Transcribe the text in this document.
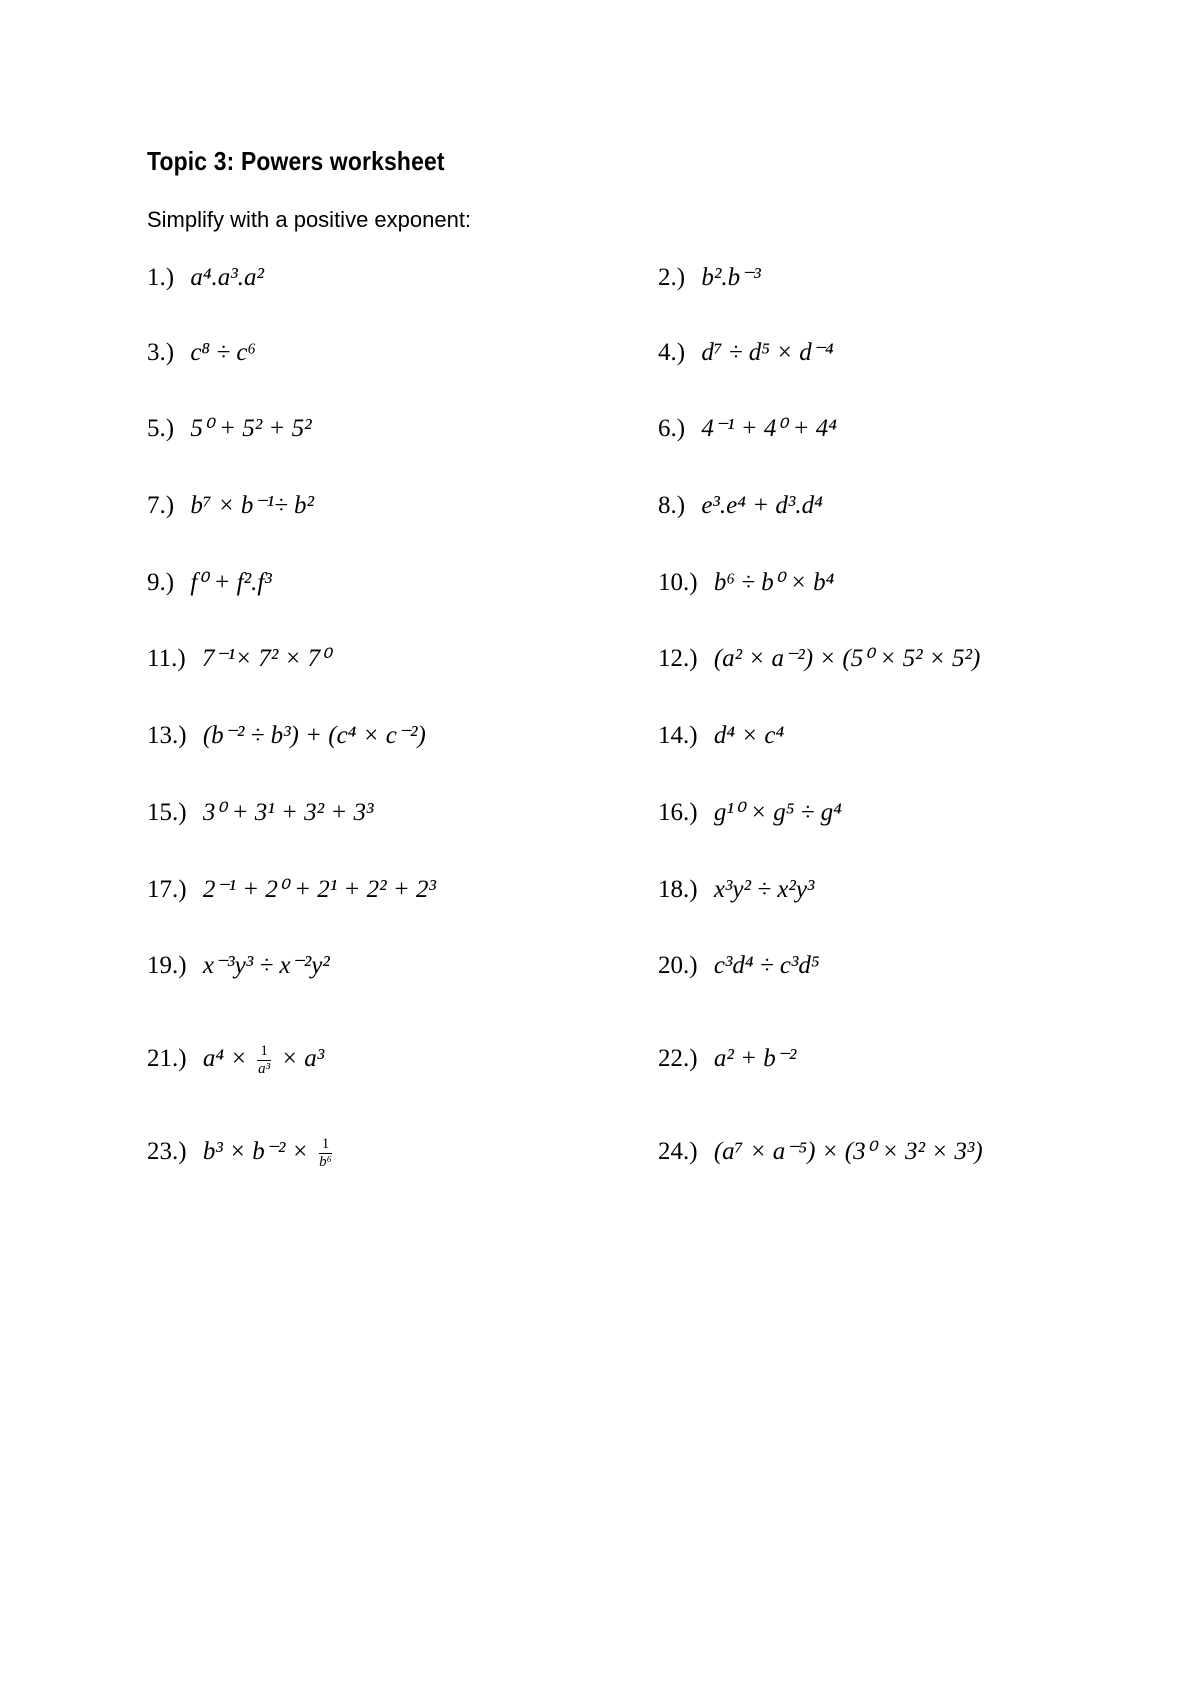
Topic 3: Powers worksheet
Simplify with a positive exponent:
1.) a⁴.a³.a²	2.) b².b⁻³
3.) c⁸ ÷ c⁶	4.) d⁷ ÷ d⁵ × d⁻⁴
5.) 5⁰ + 5² + 5²	6.) 4⁻¹ + 4⁰ + 4⁴
7.) b⁷ × b⁻¹÷ b²	8.) e³.e⁴ + d³.d⁴
9.) f⁰ + f².f³	10.) b⁶ ÷ b⁰ × b⁴
11.) 7⁻¹× 7² × 7⁰	12.) (a² × a⁻²) × (5⁰ × 5² × 5²)
13.) (b⁻² ÷ b³) + (c⁴ × c⁻²)	14.) d⁴ × c⁴
15.) 3⁰ + 3¹ + 3² + 3³	16.) g¹⁰ × g⁵ ÷ g⁴
17.) 2⁻¹ + 2⁰ + 2¹ + 2² + 2³	18.) x³y² ÷ x²y³
19.) x⁻³y³ ÷ x⁻²y²	20.) c³d⁴ ÷ c³d⁵
21.) $a^4 \times \frac{1}{\text{a³}} \times a^3$	22.) a² + b⁻²
23.) $b^3 \times b^{-2} \times \frac{1}{\text{b⁶}}$	24.) (a⁷ × a⁻⁵) × (3⁰ × 3² × 3³)
